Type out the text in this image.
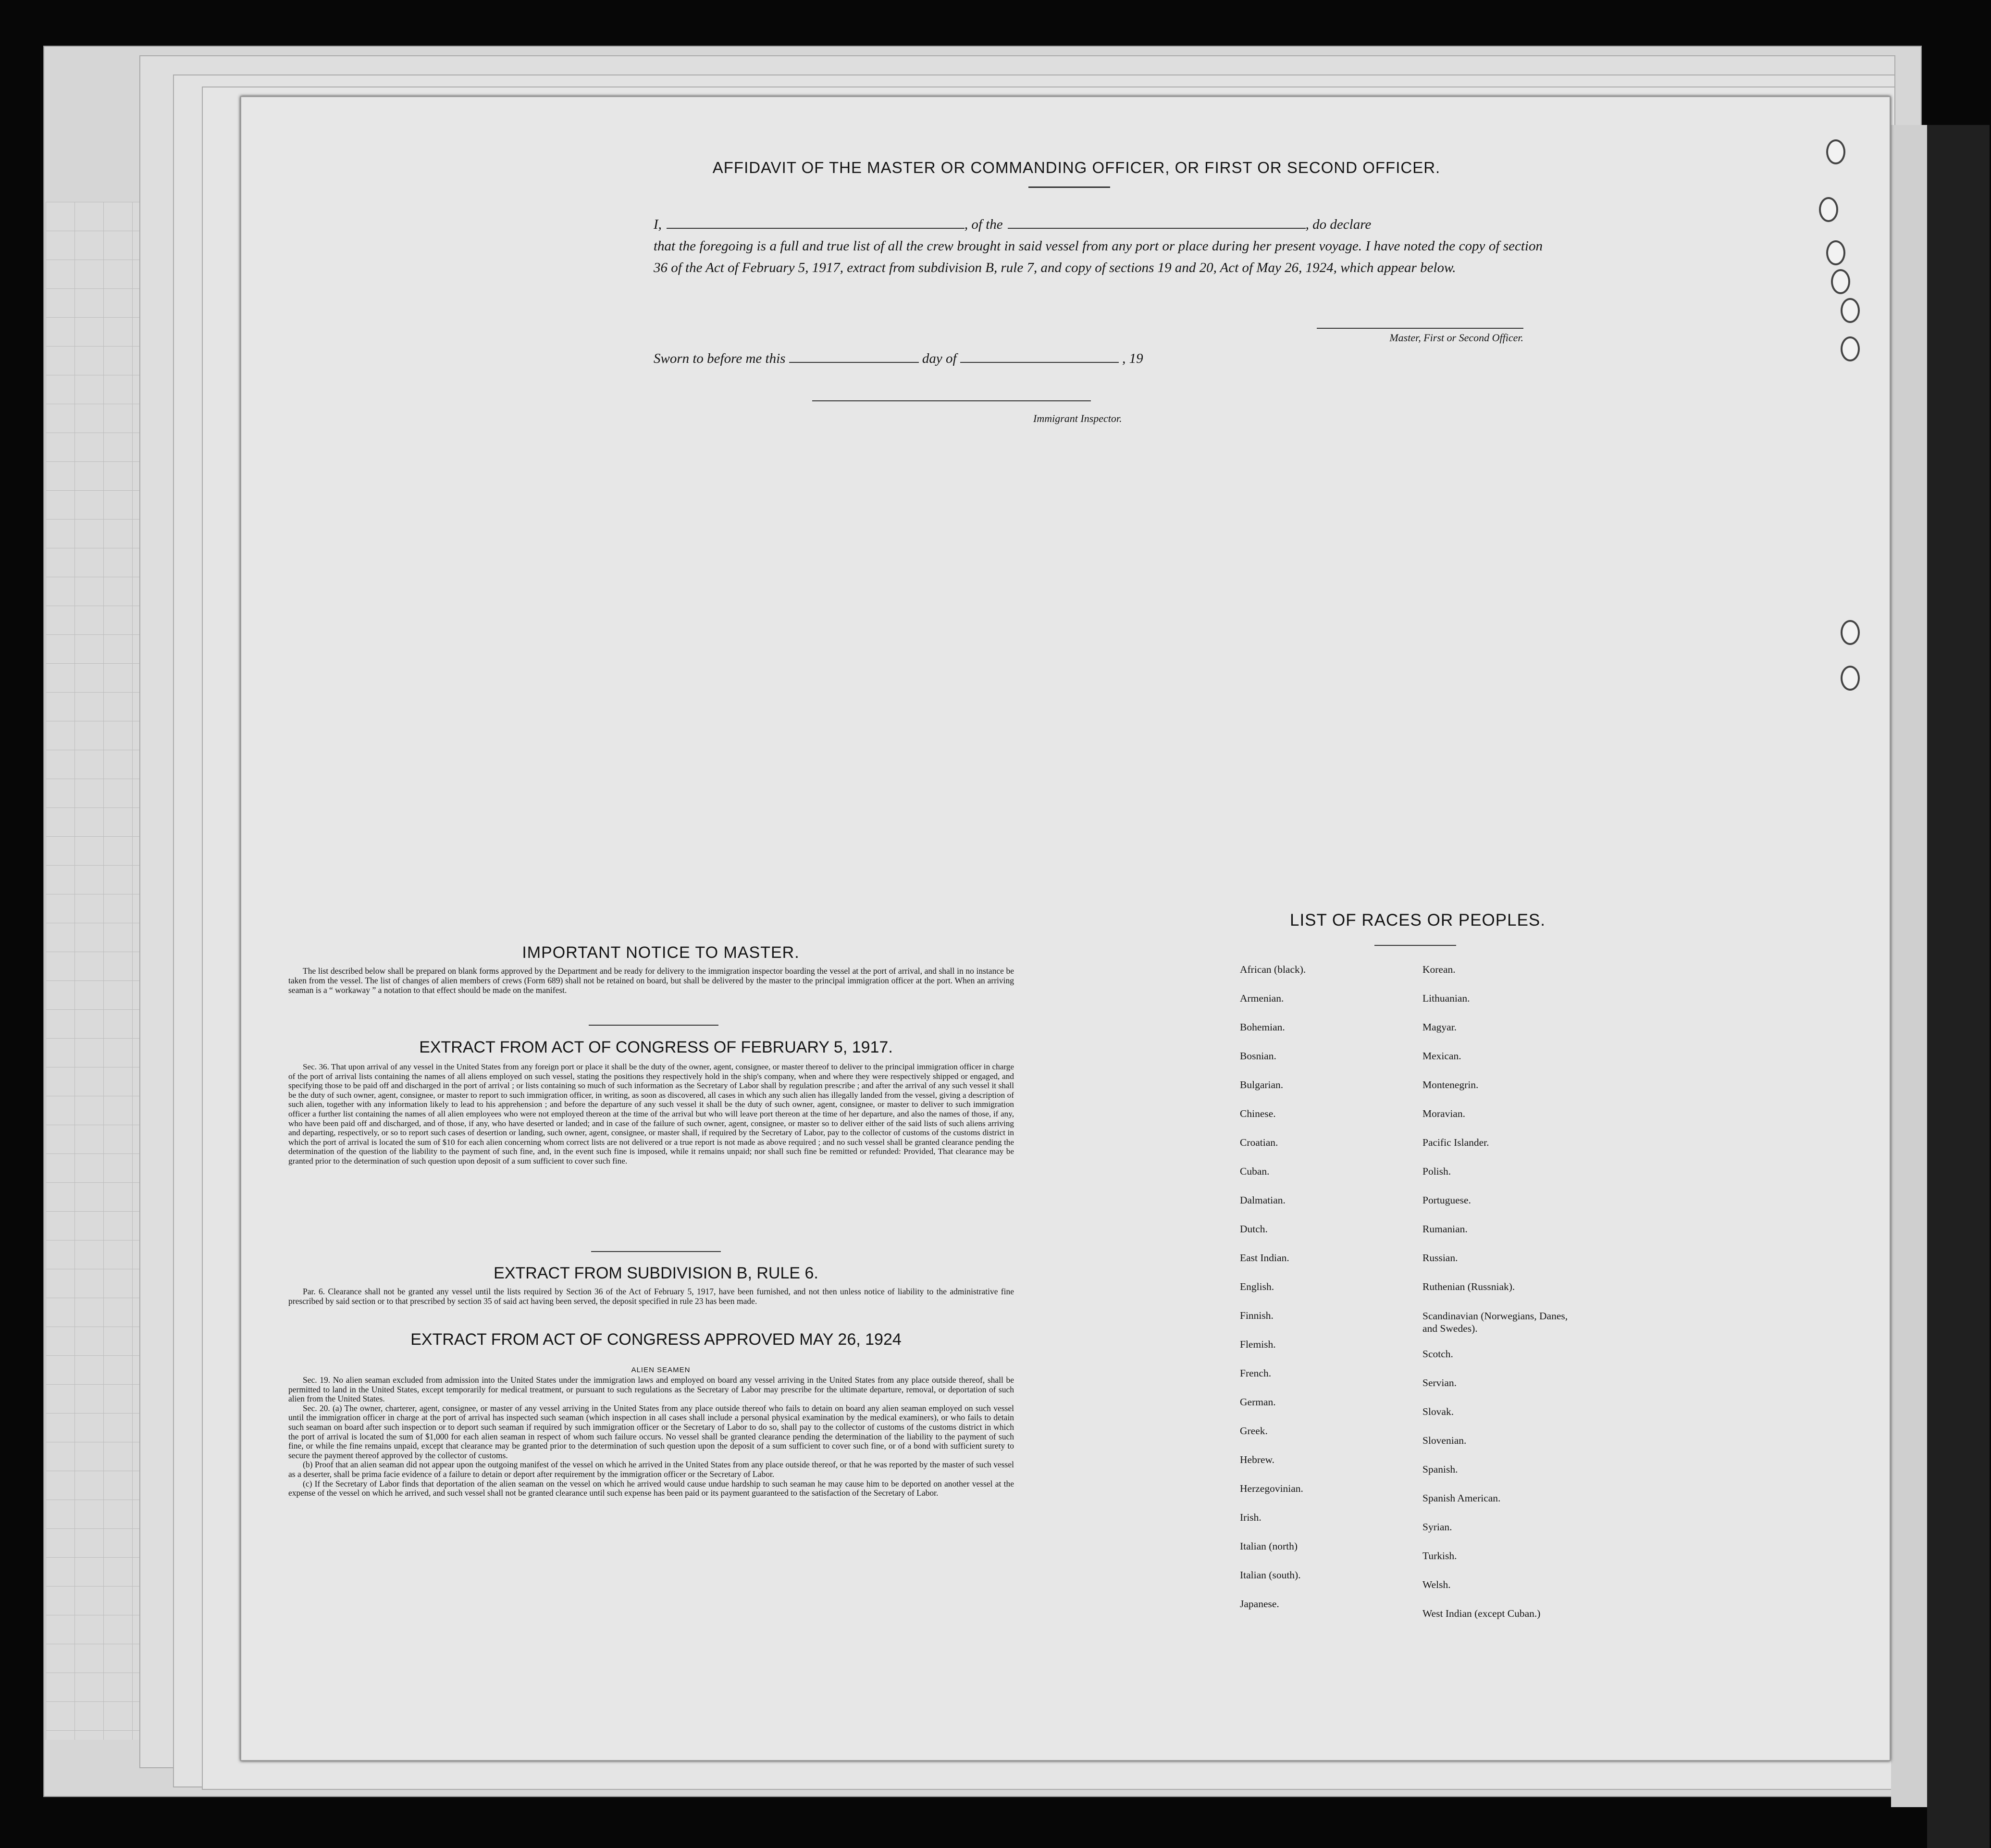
AFFIDAVIT OF THE MASTER OR COMMANDING OFFICER, OR FIRST OR SECOND OFFICER.
I,	, of the	, do declare
that the foregoing is a full and true list of all the crew brought in said vessel from any port or place during her present voyage. I have noted the copy of section 36 of the Act of February 5, 1917, extract from subdivision B, rule 7, and copy of sections 19 and 20, Act of May 26, 1924, which appear below.
Master, First or Second Officer.
Sworn to before me this	day of	, 19
Immigrant Inspector.
IMPORTANT NOTICE TO MASTER.

The list described below shall be prepared on blank forms approved by the Department and be ready for delivery to the immigration inspector boarding the vessel at the port of arrival, and shall in no instance be taken from the vessel. The list of changes of alien members of crews (Form 689) shall not be retained on board, but shall be delivered by the master to the principal immigration officer at the port. When an arriving seaman is a “ workaway ” a notation to that effect should be made on the manifest.

EXTRACT FROM ACT OF CONGRESS OF FEBRUARY 5, 1917.

Sec. 36. That upon arrival of any vessel in the United States from any foreign port or place it shall be the duty of the owner, agent, consignee, or master thereof to deliver to the principal immigration officer in charge of the port of arrival lists containing the names of all aliens employed on such vessel, stating the positions they respectively hold in the ship's company, when and where they were respectively shipped or engaged, and specifying those to be paid off and discharged in the port of arrival ; or lists containing so much of such information as the Secretary of Labor shall by regulation prescribe ; and after the arrival of any such vessel it shall be the duty of such owner, agent, consignee, or master to report to such immigration officer, in writing, as soon as discovered, all cases in which any such alien has illegally landed from the vessel, giving a description of such alien, together with any information likely to lead to his apprehension ; and before the departure of any such vessel it shall be the duty of such owner, agent, consignee, or master to deliver to such immigration officer a further list containing the names of all alien employees who were not employed thereon at the time of the arrival but who will leave port thereon at the time of her departure, and also the names of those, if any, who have been paid off and discharged, and of those, if any, who have deserted or landed; and in case of the failure of such owner, agent, consignee, or master so to deliver either of the said lists of such aliens arriving and departing, respectively, or so to report such cases of desertion or landing, such owner, agent, consignee, or master shall, if required by the Secretary of Labor, pay to the collector of customs of the customs district in which the port of arrival is located the sum of $10 for each alien concerning whom correct lists are not delivered or a true report is not made as above required ; and no such vessel shall be granted clearance pending the determination of the question of the liability to the payment of such fine, and, in the event such fine is imposed, while it remains unpaid; nor shall such fine be remitted or refunded: Provided, That clearance may be granted prior to the determination of such question upon deposit of a sum sufficient to cover such fine.

EXTRACT FROM SUBDIVISION B, RULE 6.

Par. 6. Clearance shall not be granted any vessel until the lists required by Section 36 of the Act of February 5, 1917, have been furnished, and not then unless notice of liability to the administrative fine prescribed by said section or to that prescribed by section 35 of said act having been served, the deposit specified in rule 23 has been made.

EXTRACT FROM ACT OF CONGRESS APPROVED MAY 26, 1924
ALIEN SEAMEN

Sec. 19. No alien seaman excluded from admission into the United States under the immigration laws and employed on board any vessel arriving in the United States from any place outside thereof, shall be permitted to land in the United States, except temporarily for medical treatment, or pursuant to such regulations as the Secretary of Labor may prescribe for the ultimate departure, removal, or deportation of such alien from the United States.

Sec. 20. (a) The owner, charterer, agent, consignee, or master of any vessel arriving in the United States from any place outside thereof who fails to detain on board any alien seaman employed on such vessel until the immigration officer in charge at the port of arrival has inspected such seaman (which inspection in all cases shall include a personal physical examination by the medical examiners), or who fails to detain such seaman on board after such inspection or to deport such seaman if required by such immigration officer or the Secretary of Labor to do so, shall pay to the collector of customs of the customs district in which the port of arrival is located the sum of $1,000 for each alien seaman in respect of whom such failure occurs. No vessel shall be granted clearance pending the determination of the liability to the payment of such fine, or while the fine remains unpaid, except that clearance may be granted prior to the determination of such question upon the deposit of a sum sufficient to cover such fine, or of a bond with sufficient surety to secure the payment thereof approved by the collector of customs.

(b) Proof that an alien seaman did not appear upon the outgoing manifest of the vessel on which he arrived in the United States from any place outside thereof, or that he was reported by the master of such vessel as a deserter, shall be prima facie evidence of a failure to detain or deport after requirement by the immigration officer or the Secretary of Labor.

(c) If the Secretary of Labor finds that deportation of the alien seaman on the vessel on which he arrived would cause undue hardship to such seaman he may cause him to be deported on another vessel at the expense of the vessel on which he arrived, and such vessel shall not be granted clearance until such expense has been paid or its payment guaranteed to the satisfaction of the Secretary of Labor.

LIST OF RACES OR PEOPLES.
African (black).
Armenian.
Bohemian.
Bosnian.
Bulgarian.
Chinese.
Croatian.
Cuban.
Dalmatian.
Dutch.
East Indian.
English.
Finnish.
Flemish.
French.
German.
Greek.
Hebrew.
Herzegovinian.
Irish.
Italian (north)
Italian (south).
Japanese.
Korean.
Lithuanian.
Magyar.
Mexican.
Montenegrin.
Moravian.
Pacific Islander.
Polish.
Portuguese.
Rumanian.
Russian.
Ruthenian (Russniak).
Scandinavian (Norwegians, Danes, and Swedes).
Scotch.
Servian.
Slovak.
Slovenian.
Spanish.
Spanish American.
Syrian.
Turkish.
Welsh.
West Indian (except Cuban.)
